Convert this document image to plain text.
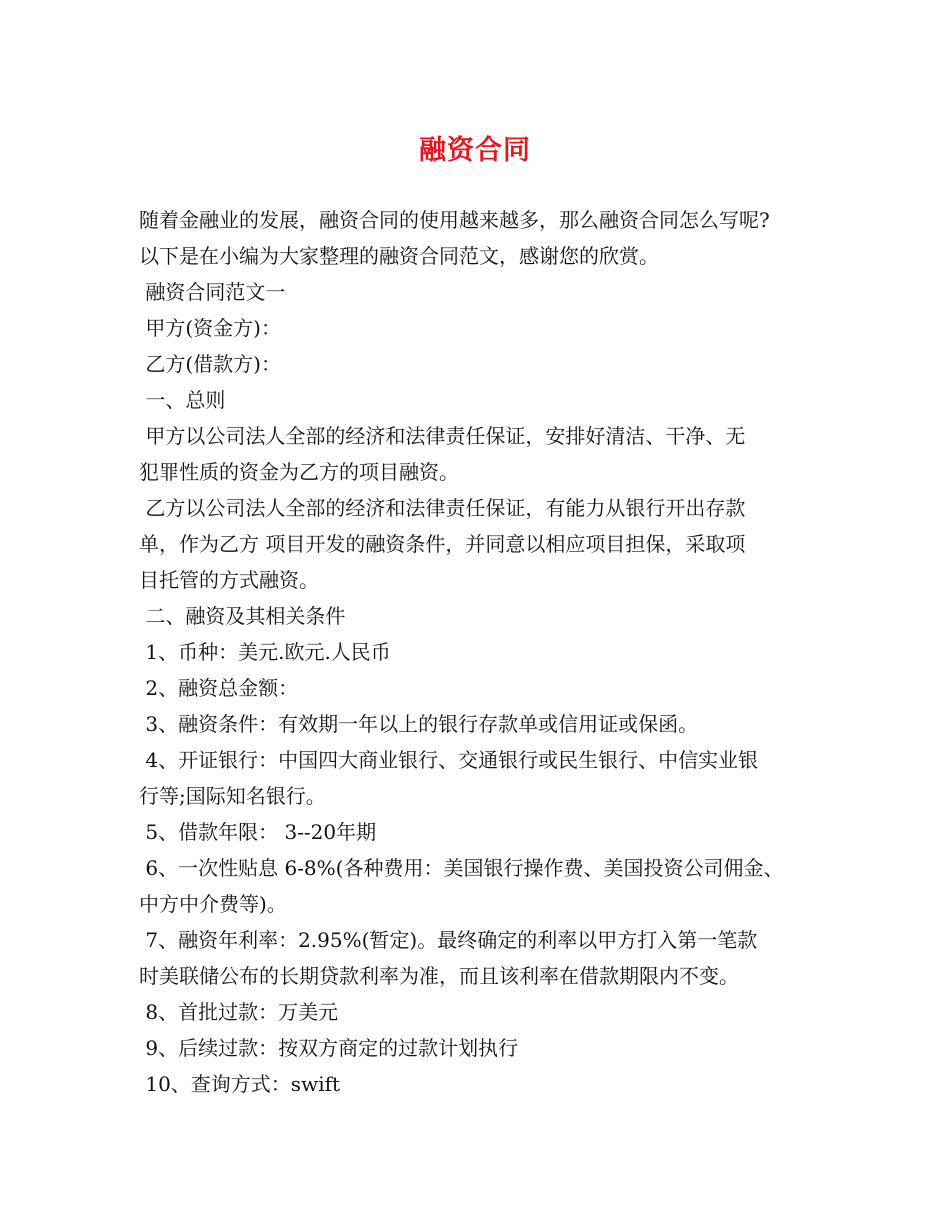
融资合同

随着金融业的发展，融资合同的使用越来越多，那么融资合同怎么写呢?

以下是在小编为大家整理的融资合同范文，感谢您的欣赏。

融资合同范文一

甲方(资金方)：

乙方(借款方)：

一、总则

甲方以公司法人全部的经济和法律责任保证，安排好清洁、干净、无

犯罪性质的资金为乙方的项目融资。

乙方以公司法人全部的经济和法律责任保证，有能力从银行开出存款

单，作为乙方 项目开发的融资条件，并同意以相应项目担保，采取项

目托管的方式融资。

二、融资及其相关条件

1、币种：美元.欧元.人民币

2、融资总金额：

3、融资条件：有效期一年以上的银行存款单或信用证或保函。

4、开证银行：中国四大商业银行、交通银行或民生银行、中信实业银

行等;国际知名银行。

5、借款年限： 3--20年期

6、一次性贴息 6-8%(各种费用：美国银行操作费、美国投资公司佣金、

中方中介费等)。

7、融资年利率：2.95%(暂定)。最终确定的利率以甲方打入第一笔款

时美联储公布的长期贷款利率为准，而且该利率在借款期限内不变。

8、首批过款：万美元

9、后续过款：按双方商定的过款计划执行

10、查询方式：swift
